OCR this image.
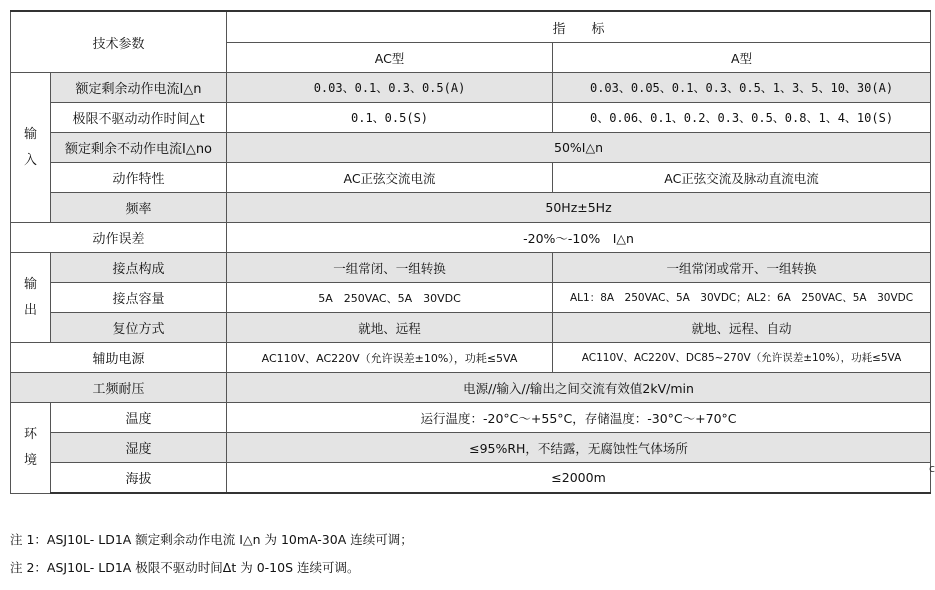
技术参数		指　　标	
		AC型	A型
输
入	额定剩余动作电流I△n	0.03、0.1、0.3、0.5(A)	0.03、0.05、0.1、0.3、0.5、1、3、5、10、30(A)
	极限不驱动动作时间△t	0.1、0.5(S)	0、0.06、0.1、0.2、0.3、0.5、0.8、1、4、10(S)
	额定剩余不动作电流I△no	50%I△n	
	动作特性	AC正弦交流电流	AC正弦交流及脉动直流电流
	频率	50Hz±5Hz	
动作误差		-20%～-10%　I△n	
输
出	接点构成	一组常闭、一组转换	一组常闭或常开、一组转换
	接点容量	5A　250VAC、5A　30VDC	AL1：8A　250VAC、5A　30VDC；AL2：6A　250VAC、5A　30VDC
	复位方式	就地、远程	就地、远程、自动
辅助电源		AC110V、AC220V（允许误差±10%），功耗≤5VA	AC110V、AC220V、DC85~270V（允许误差±10%），功耗≤5VA
工频耐压		电源//输入//输出之间交流有效值2kV/min	
环
境	温度	运行温度：-20°C～+55°C，存储温度：-30°C～+70°C	
	湿度	≤95%RH，不结露，无腐蚀性气体场所	
	海拔	≤2000m	
注 1：ASJ10L- LD1A 额定剩余动作电流 I△n 为 10mA-30A 连续可调；
注 2：ASJ10L- LD1A 极限不驱动时间Δt 为 0-10S 连续可调。
c
